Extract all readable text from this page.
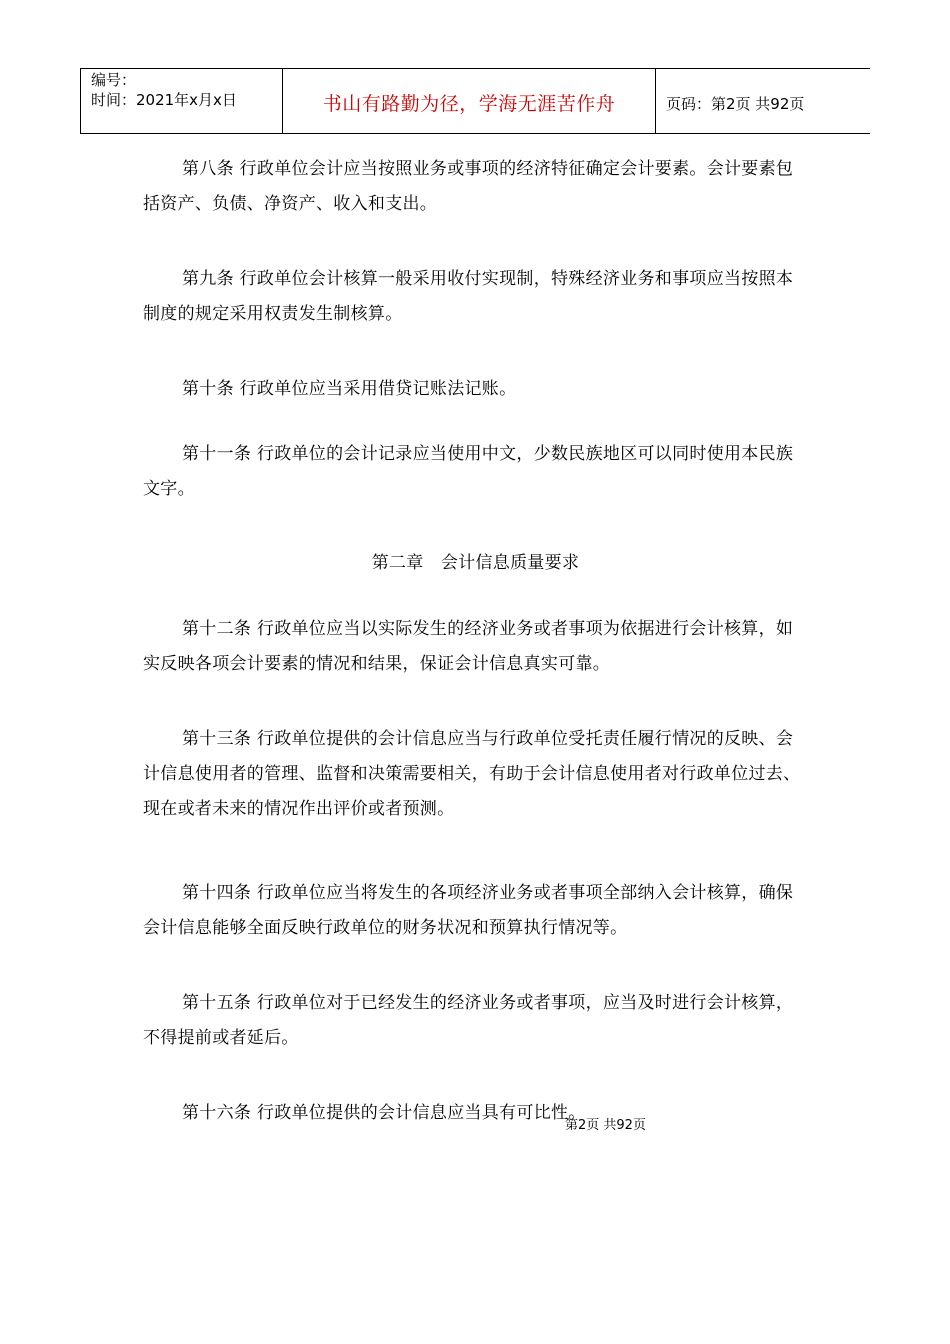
编号：
时间：2021年x月x日	书山有路勤为径，学海无涯苦作舟	页码：第2页 共92页

第八条 行政单位会计应当按照业务或事项的经济特征确定会计要素。会计要素包括资产、负债、净资产、收入和支出。

第九条 行政单位会计核算一般采用收付实现制，特殊经济业务和事项应当按照本制度的规定采用权责发生制核算。

第十条 行政单位应当采用借贷记账法记账。

第十一条 行政单位的会计记录应当使用中文，少数民族地区可以同时使用本民族文字。

第二章　会计信息质量要求

第十二条 行政单位应当以实际发生的经济业务或者事项为依据进行会计核算，如实反映各项会计要素的情况和结果，保证会计信息真实可靠。

第十三条 行政单位提供的会计信息应当与行政单位受托责任履行情况的反映、会计信息使用者的管理、监督和决策需要相关，有助于会计信息使用者对行政单位过去、现在或者未来的情况作出评价或者预测。

第十四条 行政单位应当将发生的各项经济业务或者事项全部纳入会计核算，确保会计信息能够全面反映行政单位的财务状况和预算执行情况等。

第十五条 行政单位对于已经发生的经济业务或者事项，应当及时进行会计核算，不得提前或者延后。

第十六条 行政单位提供的会计信息应当具有可比性。

第2页 共92页
